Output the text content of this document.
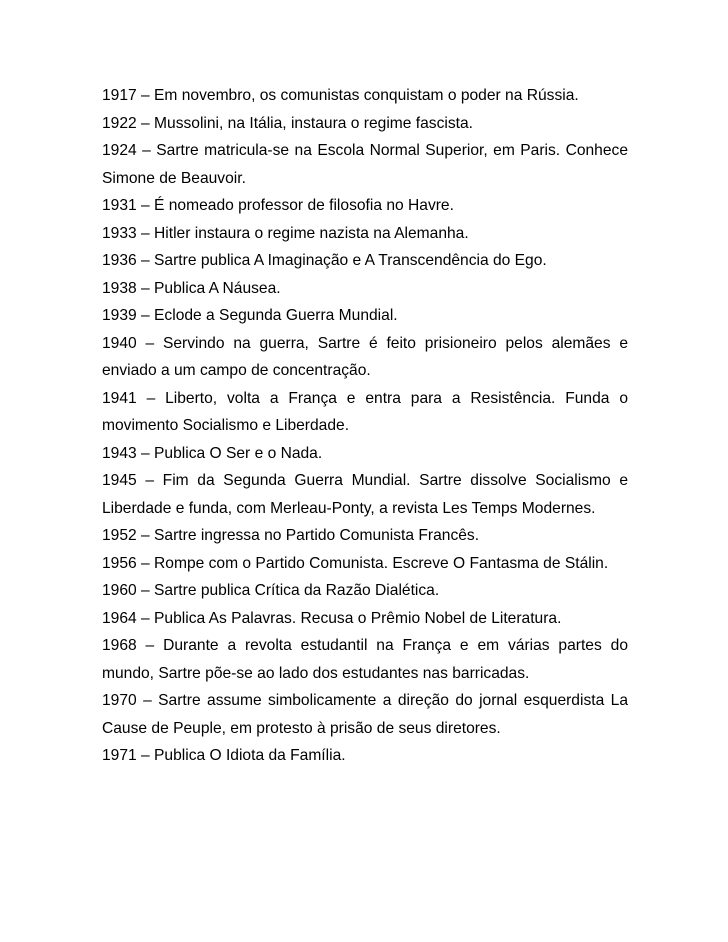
1917 – Em novembro, os comunistas conquistam o poder na Rússia.
1922 – Mussolini, na Itália, instaura o regime fascista.
1924 – Sartre matricula-se na Escola Normal Superior, em Paris. Conhece Simone de Beauvoir.
1931 – É nomeado professor de filosofia no Havre.
1933 – Hitler instaura o regime nazista na Alemanha.
1936 – Sartre publica A Imaginação e A Transcendência do Ego.
1938 – Publica A Náusea.
1939 – Eclode a Segunda Guerra Mundial.
1940 – Servindo na guerra, Sartre é feito prisioneiro pelos alemães e enviado a um campo de concentração.
1941 – Liberto, volta a França e entra para a Resistência. Funda o movimento Socialismo e Liberdade.
1943 – Publica O Ser e o Nada.
1945 – Fim da Segunda Guerra Mundial. Sartre dissolve Socialismo e Liberdade e funda, com Merleau-Ponty, a revista Les Temps Modernes.
1952 – Sartre ingressa no Partido Comunista Francês.
1956 – Rompe com o Partido Comunista. Escreve O Fantasma de Stálin.
1960 – Sartre publica Crítica da Razão Dialética.
1964 – Publica As Palavras. Recusa o Prêmio Nobel de Literatura.
1968 – Durante a revolta estudantil na França e em várias partes do mundo, Sartre põe-se ao lado dos estudantes nas barricadas.
1970 – Sartre assume simbolicamente a direção do jornal esquerdista La Cause de Peuple, em protesto à prisão de seus diretores.
1971 – Publica O Idiota da Família.
